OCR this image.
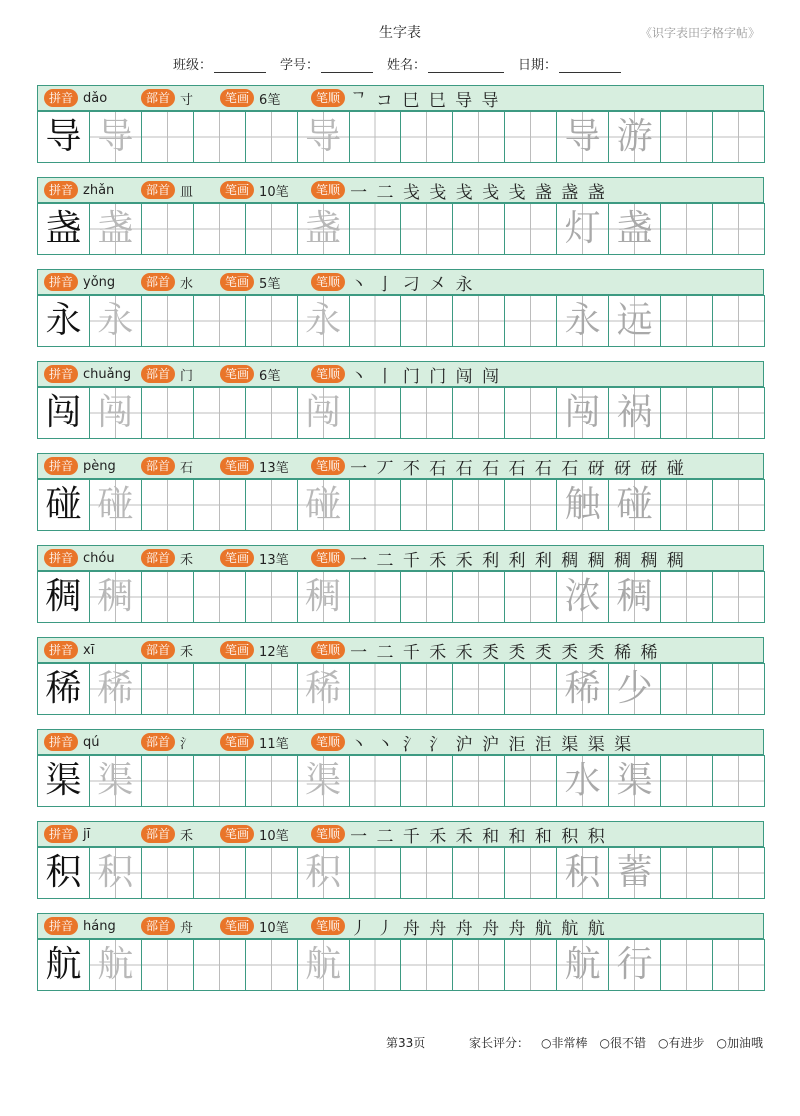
生字表	《识字表田字格字帖》
班级：	学号：	姓名：	日期：
拼音 dǎo	部首 寸	笔画 6笔	笔顺 ᄀ コ 巳 巳 导 导
导 导	导	导 游
拼音 zhǎn	部首 皿	笔画 10笔	笔顺 一 二 戋 戋 戋 戋 戋 盏 盏 盏
盏 盏	盏	灯 盏
拼音 yǒng	部首 水	笔画 5笔	笔顺 丶 亅 刁 㐅 永
永 永	永	永 远
拼音 chuǎng	部首 门	笔画 6笔	笔顺 丶 丨 门 门 闯 闯
闯 闯	闯	闯 祸
拼音 pèng	部首 石	笔画 13笔	笔顺 一 丆 不 石 石 石 石 石 石 砑 砑 砑 碰
碰 碰	碰	触 碰
拼音 chóu	部首 禾	笔画 13笔	笔顺 一 二 千 禾 禾 利 利 利 稠 稠 稠 稠 稠
稠 稠	稠	浓 稠
拼音 xī	部首 禾	笔画 12笔	笔顺 一 二 千 禾 禾 秂 秂 秂 秂 秂 稀 稀
稀 稀	稀	稀 少
拼音 qú	部首 氵	笔画 11笔	笔顺 丶 丶 氵 氵 沪 沪 洰 洰 渠 渠 渠
渠 渠	渠	水 渠
拼音 jī	部首 禾	笔画 10笔	笔顺 一 二 千 禾 禾 和 和 和 积 积
积 积	积	积 蓄
拼音 háng	部首 舟	笔画 10笔	笔顺 丿 丿 舟 舟 舟 舟 舟 航 航 航
航 航	航	航 行
第33页	家长评分： ○非常棒 ○很不错 ○有进步 ○加油哦
